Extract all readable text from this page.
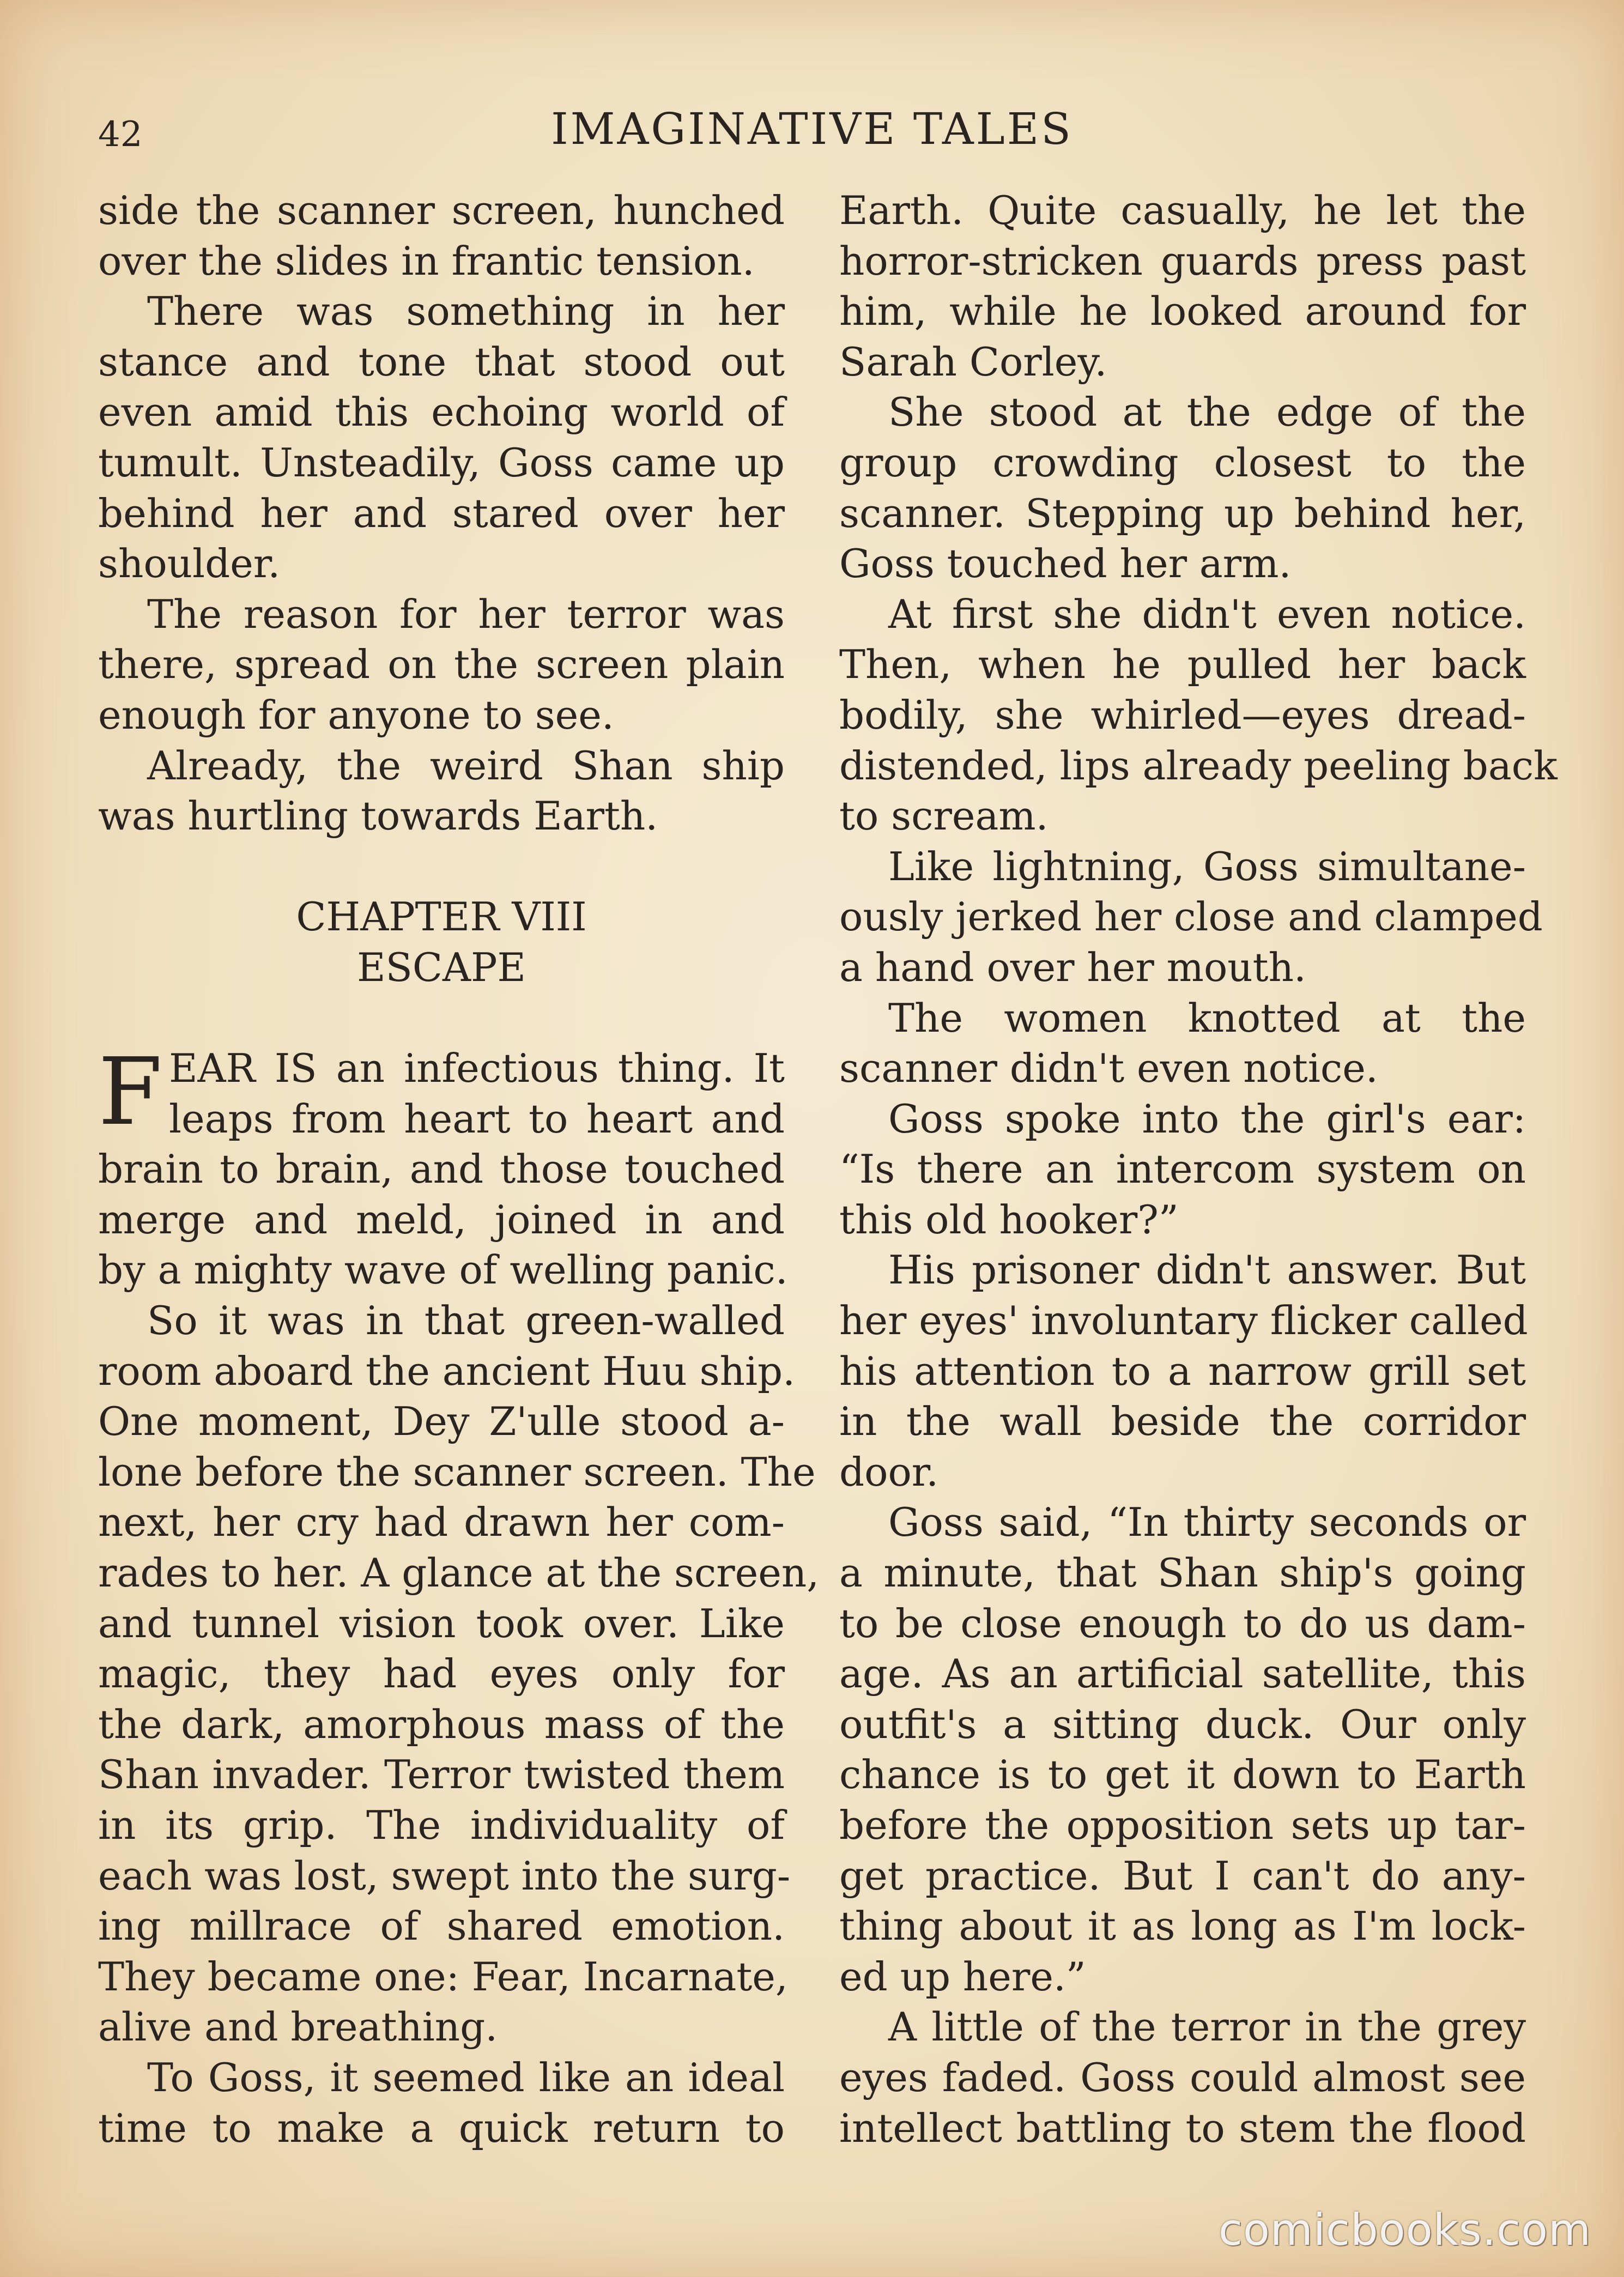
42	IMAGINATIVE TALES
side the scanner screen, hunched
over the slides in frantic tension.
There was something in her
stance and tone that stood out
even amid this echoing world of
tumult. Unsteadily, Goss came up
behind her and stared over her
shoulder.
The reason for her terror was
there, spread on the screen plain
enough for anyone to see.
Already, the weird Shan ship
was hurtling towards Earth.
CHAPTER VIII
ESCAPE
F EAR IS an infectious thing. It
leaps from heart to heart and
brain to brain, and those touched
merge and meld, joined in and
by a mighty wave of welling panic.
So it was in that green-walled
room aboard the ancient Huu ship.
One moment, Dey Z'ulle stood a-
lone before the scanner screen. The
next, her cry had drawn her com-
rades to her. A glance at the screen,
and tunnel vision took over. Like
magic, they had eyes only for
the dark, amorphous mass of the
Shan invader. Terror twisted them
in its grip. The individuality of
each was lost, swept into the surg-
ing millrace of shared emotion.
They became one: Fear, Incarnate,
alive and breathing.
To Goss, it seemed like an ideal
time to make a quick return to
Earth. Quite casually, he let the
horror-stricken guards press past
him, while he looked around for
Sarah Corley.
She stood at the edge of the
group crowding closest to the
scanner. Stepping up behind her,
Goss touched her arm.
At first she didn't even notice.
Then, when he pulled her back
bodily, she whirled—eyes dread-
distended, lips already peeling back
to scream.
Like lightning, Goss simultane-
ously jerked her close and clamped
a hand over her mouth.
The women knotted at the
scanner didn't even notice.
Goss spoke into the girl's ear:
“Is there an intercom system on
this old hooker?”
His prisoner didn't answer. But
her eyes' involuntary flicker called
his attention to a narrow grill set
in the wall beside the corridor
door.
Goss said, “In thirty seconds or
a minute, that Shan ship's going
to be close enough to do us dam-
age. As an artificial satellite, this
outfit's a sitting duck. Our only
chance is to get it down to Earth
before the opposition sets up tar-
get practice. But I can't do any-
thing about it as long as I'm lock-
ed up here.”
A little of the terror in the grey
eyes faded. Goss could almost see
intellect battling to stem the flood
comicbooks.com
